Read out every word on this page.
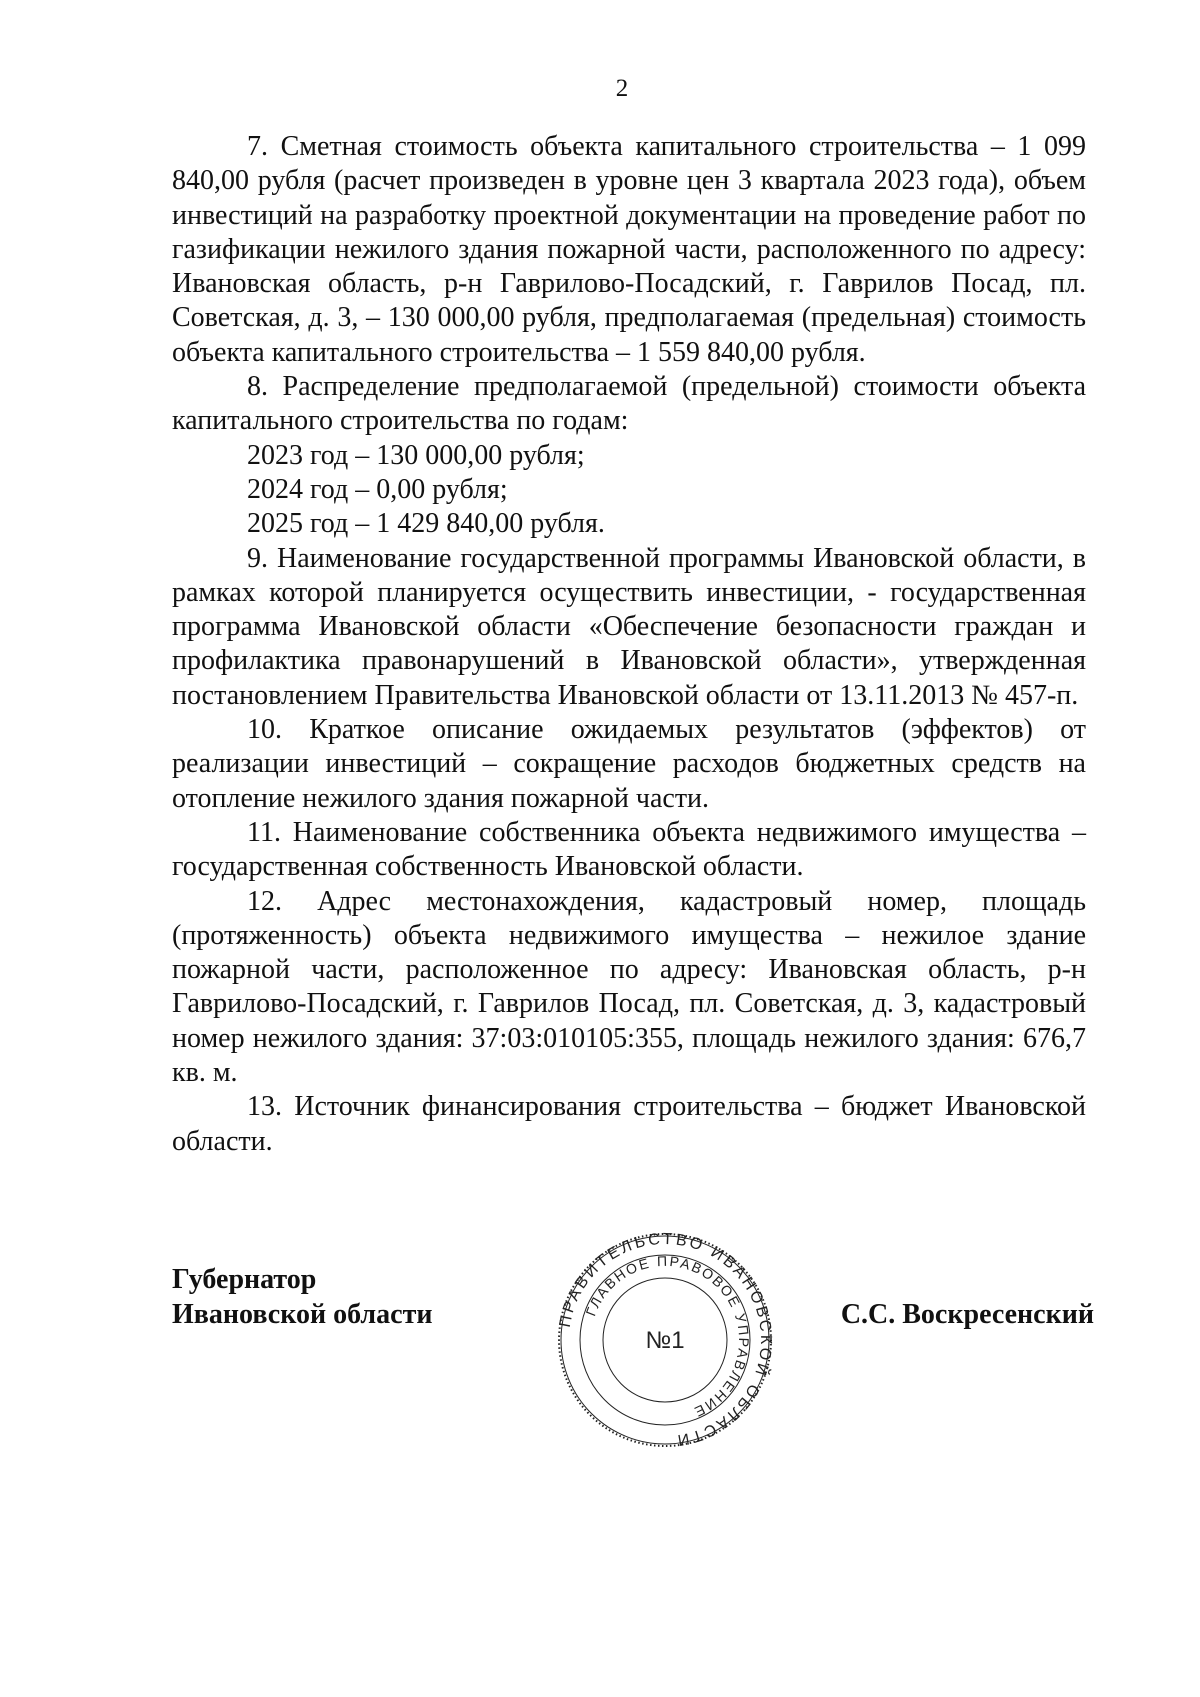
2

7. Сметная стоимость объекта капитального строительства – 1 099 840,00 рубля (расчет произведен в уровне цен 3 квартала 2023 года), объем инвестиций на разработку проектной документации на проведение работ по газификации нежилого здания пожарной части, расположенного по адресу: Ивановская область, р-н Гаврилово-Посадский, г. Гаврилов Посад, пл. Советская, д. 3, – 130 000,00 рубля, предполагаемая (предельная) стоимость объекта капитального строительства – 1 559 840,00 рубля.

8. Распределение предполагаемой (предельной) стоимости объекта капитального строительства по годам:

2023 год – 130 000,00 рубля;

2024 год – 0,00 рубля;

2025 год – 1 429 840,00 рубля.

9. Наименование государственной программы Ивановской области, в рамках которой планируется осуществить инвестиции, - государственная программа Ивановской области «Обеспечение безопасности граждан и профилактика правонарушений в Ивановской области», утвержденная постановлением Правительства Ивановской области от 13.11.2013 № 457-п.

10. Краткое описание ожидаемых результатов (эффектов) от реализации инвестиций – сокращение расходов бюджетных средств на отопление нежилого здания пожарной части.

11. Наименование собственника объекта недвижимого имущества – государственная собственность Ивановской области.

12. Адрес местонахождения, кадастровый номер, площадь (протяженность) объекта недвижимого имущества – нежилое здание пожарной части, расположенное по адресу: Ивановская область, р-н Гаврилово-Посадский, г. Гаврилов Посад, пл. Советская, д. 3, кадастровый номер нежилого здания: 37:03:010105:355, площадь нежилого здания: 676,7 кв. м.

13. Источник финансирования строительства – бюджет Ивановской области.

Губернатор
Ивановской области	С.С. Воскресенский
ПРАВИТЕЛЬСТВО ИВАНОВСКОЙ ОБЛАСТИ
ГЛАВНОЕ ПРАВОВОЕ УПРАВЛЕНИЕ
№1
